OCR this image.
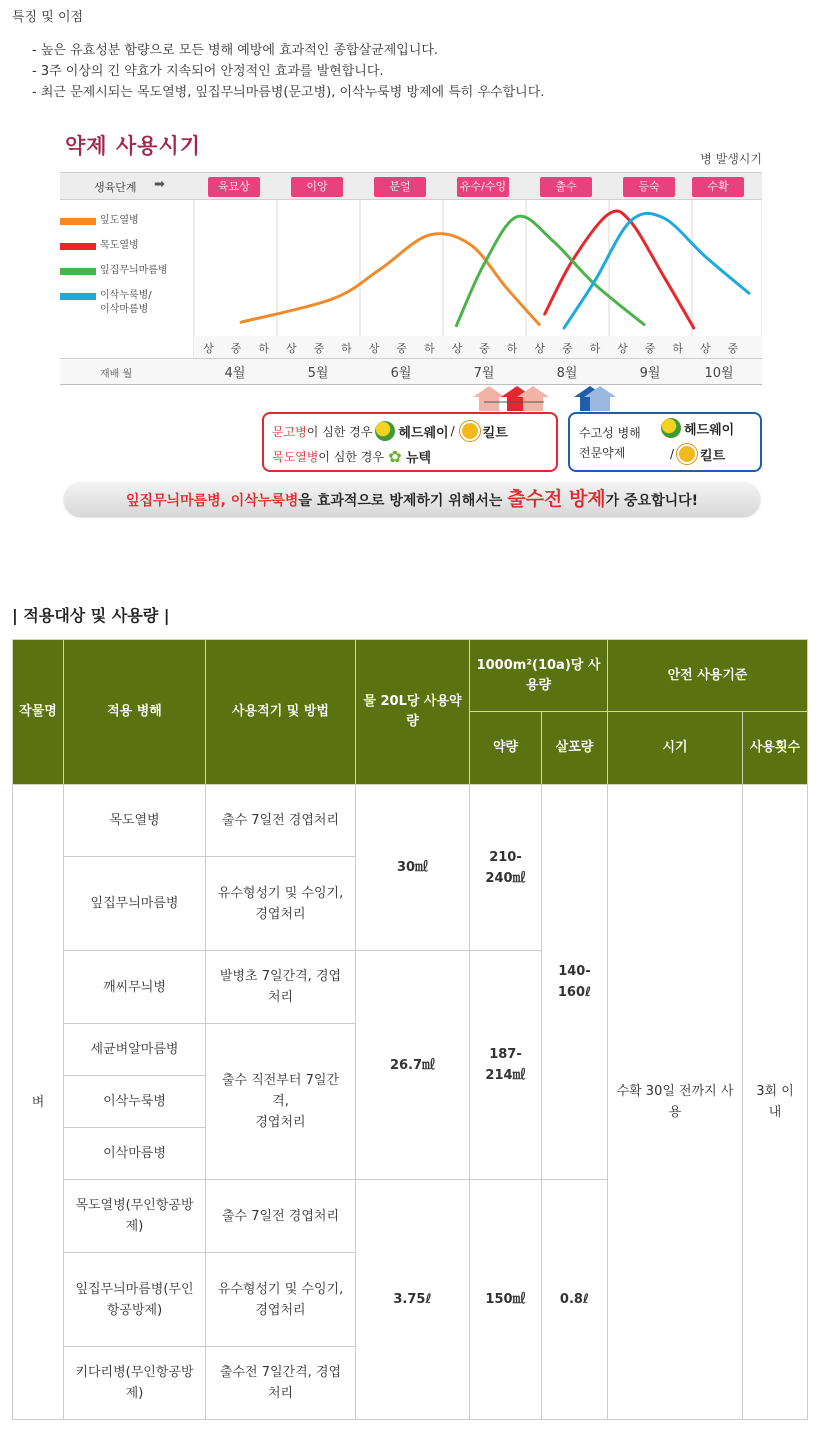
특징 및 이점
- 높은 유효성분 함량으로 모든 병해 예방에 효과적인 종합살균제입니다.
- 3주 이상의 긴 약효가 지속되어 안정적인 효과를 발현합니다.
- 최근 문제시되는 목도열병, 잎집무늬마름병(문고병), 이삭누룩병 방제에 특히 우수합니다.
약제 사용시기
병 발생시기
생육단계 ➡	육묘상	이앙	분얼	유수/수잉	출수	등숙	수확
잎도열병
목도열병
잎집무늬마름병
이삭누룩병/
이삭마름병
상 중 하 상 중 하 상 중 하 상 중 하 상 중 하 상 중 하 상 중
재배 월	4월	5월	6월	7월	8월	9월	10월
문고병 이 심한 경우 헤드웨이 / 킬트
목도열병 이 심한 경우 ✿ 뉴텍
수고성 병해
전문약제
헤드웨이
/ 킬트
잎집무늬마름병, 이삭누룩병을 효과적으로 방제하기 위해서는 출수전 방제가 중요합니다!
| 적용대상 및 사용량 |
작물명	적용 병해	사용적기 및 방법	물 20L당 사용약량	1000m²(10a)당 사용량		안전 사용기준	
				약량	살포량	시기	사용횟수
벼	목도열병	출수 7일전 경엽처리	30㎖	210-240㎖	140-160ℓ	수확 30일 전까지 사용	3회 이내
	잎집무늬마름병	유수형성기 및 수잉기,
경엽처리					
	깨씨무늬병	발병초 7일간격, 경엽처리	26.7㎖	187-214㎖			
	세균벼알마름병	출수 직전부터 7일간격,
경엽처리					
	이삭누룩병						
	이삭마름병						
	목도열병(무인항공방제)	출수 7일전 경엽처리	3.75ℓ	150㎖	0.8ℓ		
	잎집무늬마름병(무인항공방제)	유수형성기 및 수잉기,
경엽처리					
	키다리병(무인항공방제)	출수전 7일간격, 경엽처리					
